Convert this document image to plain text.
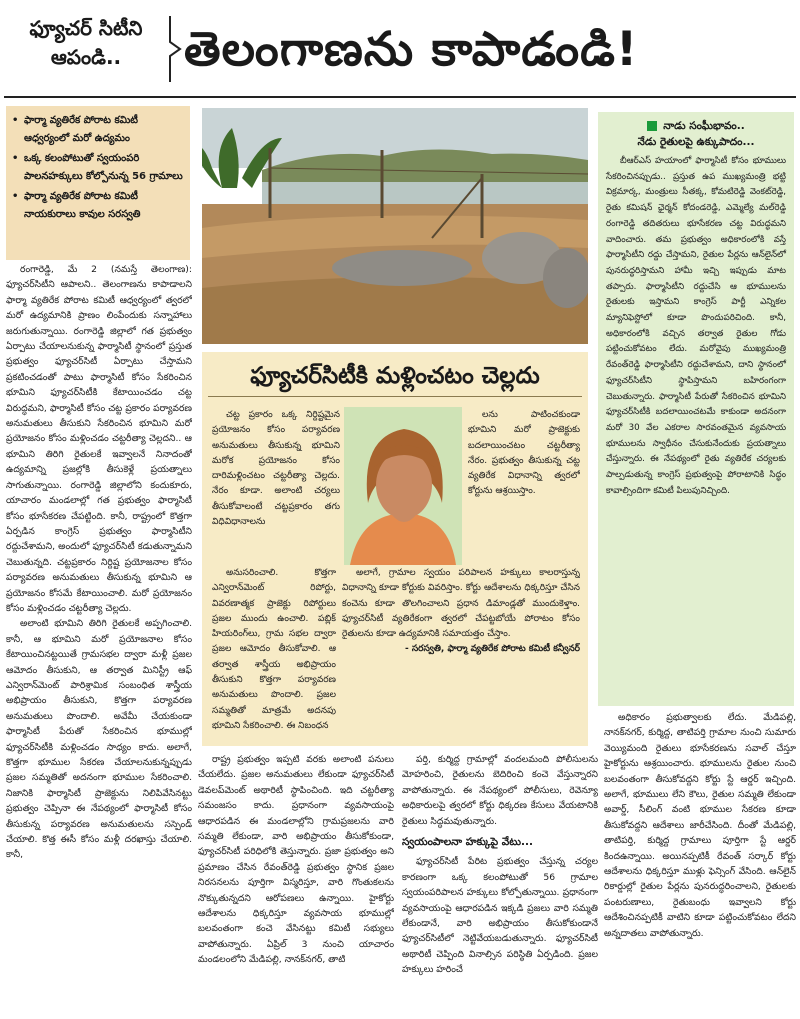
ఫ్యూచర్ సిటీని
ఆపండి..	తెలంగాణను కాపాడండి!
• ఫార్మా వ్యతిరేక పోరాట కమిటీ ఆధ్వర్యంలో మరో ఉద్యమం
• ఒక్క కలంపోటుతో స్వయంపరి పాలనహక్కులు కోల్పోనున్న 56 గ్రామాలు
• ఫార్మా వ్యతిరేక పోరాట కమిటీ నాయకురాలు కావుల సరస్వతి
నాడు సంఘీభావం..
నేడు రైతులపై ఉక్కుపాదం...

బీఆర్ఎస్ హయాంలో ఫార్మాసిటీ కోసం భూములు సేకరించినప్పుడు.. ప్రస్తుత ఉప ముఖ్యమంత్రి భట్టి విక్రమార్క, మంత్రులు సీతక్క, కోమటిరెడ్డి వెంకట్‌రెడ్డి, రైతు కమిషన్ ఛైర్మన్ కోదండరెడ్డి, ఎమ్మెల్యే మల్‌రెడ్డి రంగారెడ్డి తదితరులు భూసేకరణ చట్ట విరుద్ధమని వాదించారు. తమ ప్రభుత్వం అధికారంలోకి వస్తే ఫార్మాసిటీని రద్దు చేస్తామని, రైతుల పేర్లను ఆన్‌లైన్‌లో పునరుద్ధరిస్తామని హామీ ఇచ్చి ఇప్పుడు మాట తప్పారు. ఫార్మాసిటీని రద్దుచేసి ఆ భూములను రైతులకు ఇస్తామని కాంగ్రెస్ పార్టీ ఎన్నికల మ్యానిఫెస్టోలో కూడా పొందుపరిచింది. కానీ, అధికారంలోకి వచ్చిన తర్వాత రైతుల గోడు పట్టించుకోవటం లేదు. మరోవైపు ముఖ్యమంత్రి రేవంత్‌రెడ్డి ఫార్మాసిటీని రద్దుచేశామని, దాని స్థానంలో ఫ్యూచర్‌సిటీని స్థాపిస్తామని బహిరంగంగా చెబుతున్నారు. ఫార్మాసిటీ పేరుతో సేకరించిన భూమిని ఫ్యూచర్‌సిటీకి బదలాయించటమే కాకుండా అదనంగా మరో 30 వేల ఎకరాల సారవంతమైన వ్యవసాయ భూములను స్వాధీనం చేసుకునేందుకు ప్రయత్నాలు చేస్తున్నారు. ఈ నేపథ్యంలో రైతు వ్యతిరేక చర్యలకు పాల్పడుతున్న కాంగ్రెస్ ప్రభుత్వంపై పోరాటానికి సిద్ధం కావాల్సిందిగా కమిటీ పిలుపునిచ్చింది.

రంగారెడ్డి, మే 2 (నమస్తే తెలంగాణ): ఫ్యూచర్‌సిటీని ఆపాలని.. తెలంగాణను కాపాడాలని ఫార్మా వ్యతిరేక పోరాట కమిటీ ఆధ్వర్యంలో త్వరలో మరో ఉద్యమానికి ప్రాణం లింపేందుకు సన్నాహాలు జరుగుతున్నాయి. రంగారెడ్డి జిల్లాలో గత ప్రభుత్వం ఏర్పాటు చేయాలనుకున్న ఫార్మాసిటీ స్థానంలో ప్రస్తుత ప్రభుత్వం ఫ్యూచర్‌సిటీ ఏర్పాటు చేస్తామని ప్రకటించడంతో పాటు ఫార్మాసిటీ కోసం సేకరించిన భూమిని ఫ్యూచర్‌సిటీకి కేటాయించడం చట్ట విరుద్ధమని, ఫార్మాసిటీ కోసం చట్ట ప్రకారం పర్యావరణ అనుమతులు తీసుకుని సేకరించిన భూమిని మరో ప్రయోజనం కోసం మళ్లించడం చట్టరీత్యా చెల్లదని.. ఆ భూమిని తిరిగి రైతులకే ఇవ్వాలనే నినాదంతో ఉద్యమాన్ని ప్రజల్లోకి తీసుకెళ్లే ప్రయత్నాలు సాగుతున్నాయి. రంగారెడ్డి జిల్లాలోని కందుకూరు, యాచారం మండలాల్లో గత ప్రభుత్వం ఫార్మాసిటీ కోసం భూసేకరణ చేపట్టింది. కానీ, రాష్ట్రంలో కొత్తగా ఏర్పడిన కాంగ్రెస్ ప్రభుత్వం ఫార్మాసిటీని రద్దుచేశామని, అందులో ఫ్యూచర్‌సిటీ కడుతున్నామని చెబుతున్నది. చట్టప్రకారం నిర్దిష్ట ప్రయోజనాల కోసం పర్యావరణ అనుమతులు తీసుకున్న భూమిని ఆ ప్రయోజనం కోసమే కేటాయించాలి. మరో ప్రయోజనం కోసం మళ్లించడం చట్టరీత్యా చెల్లదు.

అలాంటి భూమిని తిరిగి రైతులకే అప్పగించాలి. కానీ, ఆ భూమిని మరో ప్రయోజనాల కోసం కేటాయించినట్టయితే గ్రామసభల ద్వారా మళ్లీ ప్రజల ఆమోదం తీసుకుని, ఆ తర్వాత మినిస్ట్రీ ఆఫ్ ఎన్విరాన్‌మెంట్ పారిశ్రామిక సంబంధిత శాస్త్రీయ అభిప్రాయం తీసుకుని, కొత్తగా పర్యావరణ అనుమతులు పొందాలి. అవేమీ చేయకుండా ఫార్మాసిటీ పేరుతో సేకరించిన భూముల్లో ఫ్యూచర్‌సిటీకి మళ్లించడం సాధ్యం కాదు. అలాగే, కొత్తగా భూముల సేకరణ చేయాలనుకున్నప్పుడు ప్రజల సమ్మతితో అదనంగా భూముల సేకరించాలి. నిజానికి ఫార్మాసిటీ ప్రాజెక్టును నిలిపివేసినట్టు ప్రభుత్వం చెప్పినా ఈ నేపథ్యంలో ఫార్మాసిటీ కోసం తీసుకున్న పర్యావరణ అనుమతులను సస్పెండ్ చేయాలి. కొత్త ఈసీ కోసం మళ్లీ దరఖాస్తు చేయాలి. కానీ,

ఫ్యూచర్‌సిటీకి మళ్లించటం చెల్లదు

చట్ట ప్రకారం ఒక్క నిర్దిష్టమైన ప్రయోజనం కోసం పర్యావరణ అనుమతులు తీసుకున్న భూమిని మరోక ప్రయోజనం కోసం దారిమళ్లించటం చట్టరీత్యా చెల్లదు. నేరం కూడా. అలాంటి చర్యలు తీసుకోవాలంటే చట్టప్రకారం తగు విధివిధానాలను

లను పాటించకుండా భూమిని మరో ప్రాజెక్టుకు బదలాయించటం చట్టరీత్యా నేరం. ప్రభుత్వం తీసుకున్న చట్ట వ్యతిరేక విధానాన్ని త్వరలో కోర్టును ఆశ్రయిస్తాం.

అనుసరించాలి. కొత్తగా ఎన్విరాన్‌మెంట్ రిపోర్టు, వివరణాత్మక ప్రాజెక్టు రిపోర్టులు ప్రజల ముందు ఉంచాలి. పబ్లిక్ హియరింగ్‌లు, గ్రామ సభల ద్వారా ప్రజల ఆమోదం తీసుకోవాలి. ఆ తర్వాత శాస్త్రీయ అభిప్రాయం తీసుకుని కొత్తగా పర్యావరణ అనుమతులు పొందాలి. ప్రజల సమ్మతితో మాత్రమే అదనపు భూమిని సేకరించాలి. ఈ నిబంధన

అలాగే, గ్రామాల స్వయం పరిపాలన హక్కులు కాలరాస్తున్న విధానాన్ని కూడా కోర్టుకు వివరిస్తాం. కోర్టు ఆదేశాలను ధిక్కరిస్తూ చేసిన కంచెను కూడా తొలగించాలని ప్రధాన డిమాండ్లతో ముందుకెళ్తాం. ఫ్యూచర్‌సిటీ వ్యతిరేకంగా త్వరలో చేపట్టబోయే పోరాటం కోసం రైతులను కూడా ఉద్యమానికి సమాయత్తం చేస్తాం.

- సరస్వతి, ఫార్మా వ్యతిరేక పోరాట కమిటీ కన్వీనర్

రాష్ట్ర ప్రభుత్వం ఇప్పటి వరకు అలాంటి పనులు చేయలేదు. ప్రజల అనుమతులు లేకుండా ఫ్యూచర్‌సిటీ డెవలప్‌మెంట్ అథారిటీ స్థాపించింది. ఇది చట్టరీత్యా సమంజసం కాదు. ప్రధానంగా వ్యవసాయంపై ఆధారపడిన ఈ మండలాల్లోని గ్రామప్రజలను వారి సమ్మతి లేకుండా, వారి అభిప్రాయం తీసుకోకుండా, ఫ్యూచర్‌సిటీ పరిధిలోకి తెస్తున్నారు. ప్రజా ప్రభుత్వం అని ప్రమాణం చేసిన రేవంత్‌రెడ్డి ప్రభుత్వం స్థానిక ప్రజల నిరసనలను పూర్తిగా విస్మరిస్తూ, వారి గొంతుకలను నొక్కుతున్నదని ఆరోపణలు ఉన్నాయి. హైకోర్టు ఆదేశాలను ధిక్కరిస్తూ వ్యవసాయ భూముల్లో బలవంతంగా కంచె వేసినట్టు కమిటీ సభ్యులు వాపోతున్నారు. ఏప్రిల్ 3 నుంచి యాచారం మండలంలోని మేడిపల్లి, నానక్‌నగర్, తాటి

పర్తి, కుర్మిద్ద గ్రామాల్లో వందలమంది పోలీసులను మోహరించి, రైతులను బెదిరించి కంచె వేస్తున్నారని వాపోతున్నారు. ఈ నేపథ్యంలో పోలీసులు, రెవెన్యూ అధికారులపై త్వరలో కోర్టు ధిక్కరణ కేసులు వేయటానికి రైతులు సిద్ధమవుతున్నారు.

స్వయంపాలనా హక్కుపై వేటు...

ఫ్యూచర్‌సిటీ పేరిట ప్రభుత్వం చేస్తున్న చర్యల కారణంగా ఒక్క కలంపోటుతో 56 గ్రామాల స్వయంపరిపాలన హక్కులు కోల్పోతున్నాయి. ప్రధానంగా వ్యవసాయంపై ఆధారపడిన ఇక్కడి ప్రజలు వారి సమ్మతి లేకుండానే, వారి అభిప్రాయం తీసుకోకుండానే ఫ్యూచర్‌సిటీలో నెట్టివేయబడుతున్నారు. ఫ్యూచర్‌సిటీ అథారిటీ చెప్పింది వినాల్సిన పరిస్థితి ఏర్పడింది. ప్రజల హక్కులు హరించే

అధికారం ప్రభుత్వాలకు లేదు. మేడిపల్లి, నానక్‌నగర్, కుర్మిద్ద, తాటిపర్తి గ్రామాల నుంచి సుమారు వెయ్యిమంది రైతులు భూసేకరణను సవాల్ చేస్తూ హైకోర్టును ఆశ్రయించారు. భూములను రైతుల నుంచి బలవంతంగా తీసుకోవద్దని కోర్టు స్టే ఆర్డర్ ఇచ్చింది. అలాగే, భూములు లేని కౌలు, రైతుల సమ్మతి లేకుండా అవార్డ్, సీలింగ్ వంటి భూముల సేకరణ కూడా తీసుకోవద్దని ఆదేశాలు జారీచేసింది. దీంతో మేడిపల్లి, తాటిపర్తి, కుర్మిద్ద గ్రామాలు పూర్తిగా స్టే ఆర్డర్ కిందఉన్నాయి. అయినప్పటికీ రేవంత్ సర్కార్ కోర్టు ఆదేశాలను ధిక్కరిస్తూ ముళ్లు ఫెన్సింగ్ వేసింది. ఆన్‌లైన్ రికార్డుల్లో రైతుల పేర్లను పునరుద్ధరించాలని, రైతులకు పంటరుణాలు, రైతుబంధు ఇవ్వాలని కోర్టు ఆదేశించినప్పటికీ వాటిని కూడా పట్టించుకోవటం లేదని అన్నదాతలు వాపోతున్నారు.
